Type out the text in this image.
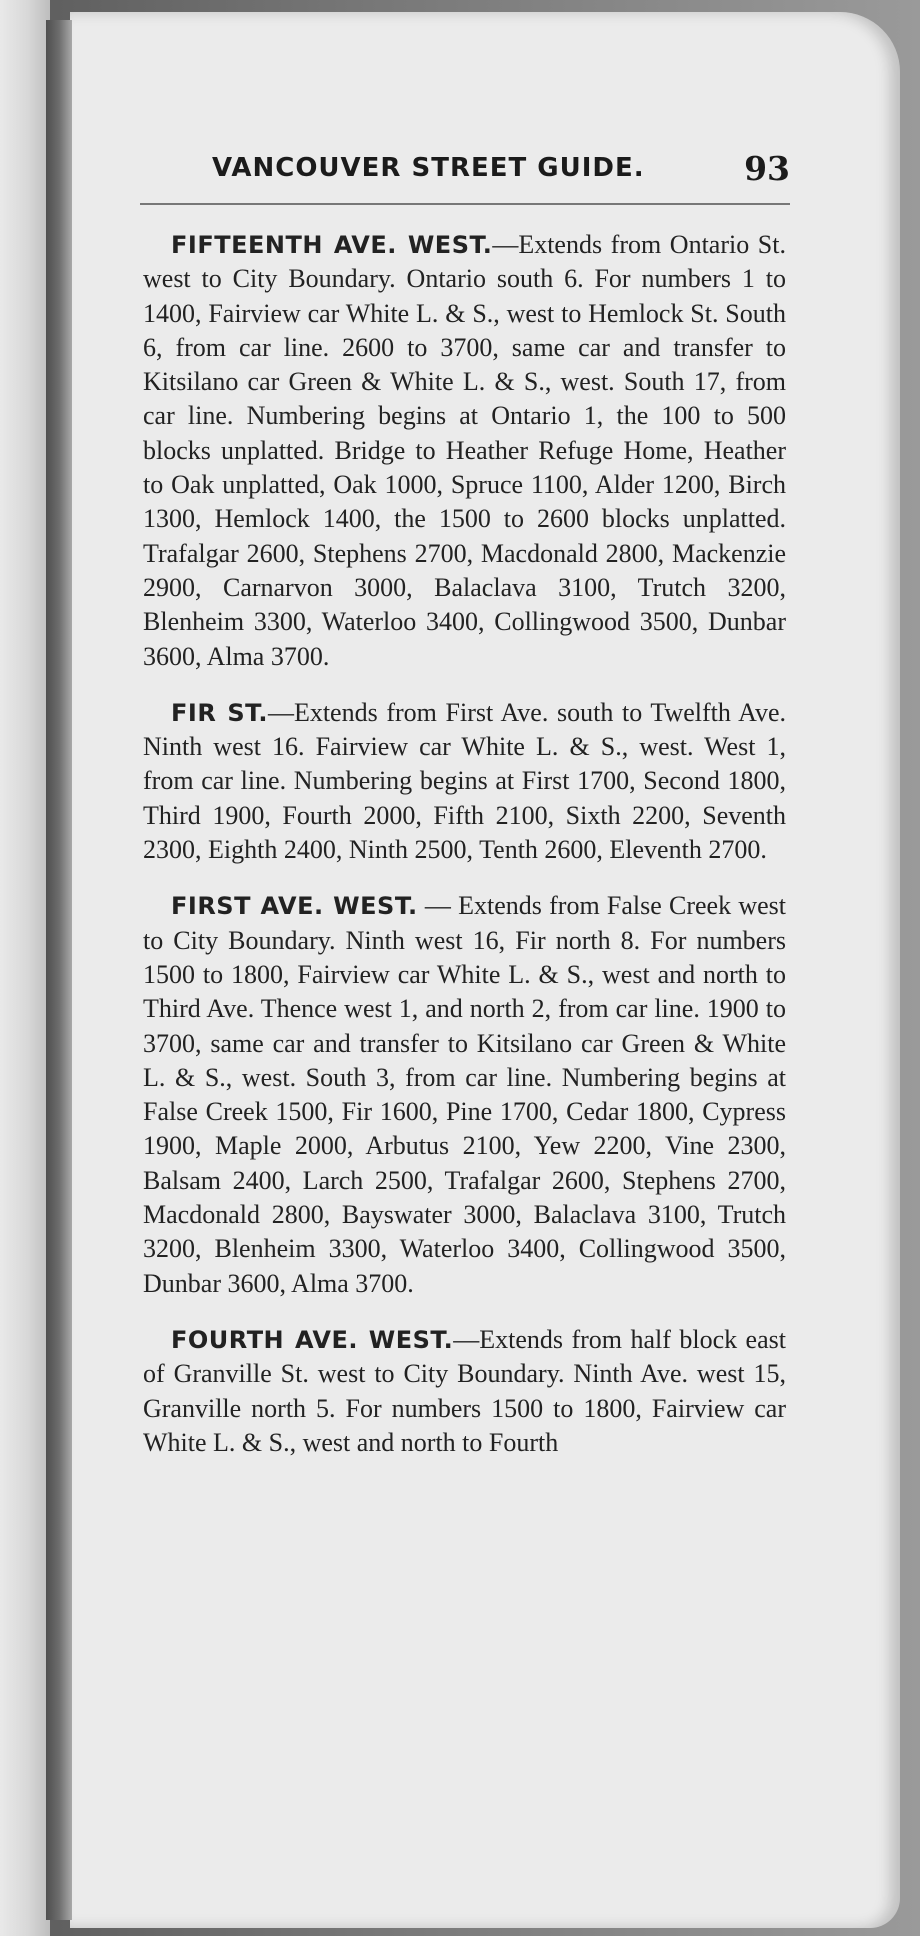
VANCOUVER STREET GUIDE.	93

FIFTEENTH AVE. WEST.—Extends from Ontario St. west to City Boundary. Ontario south 6. For numbers 1 to 1400, Fairview car White L. & S., west to Hemlock St. South 6, from car line. 2600 to 3700, same car and transfer to Kitsilano car Green & White L. & S., west. South 17, from car line. Numbering begins at Ontario 1, the 100 to 500 blocks unplatted. Bridge to Heather Refuge Home, Heather to Oak unplatted, Oak 1000, Spruce 1100, Alder 1200, Birch 1300, Hemlock 1400, the 1500 to 2600 blocks unplatted. Trafalgar 2600, Stephens 2700, Macdonald 2800, Mackenzie 2900, Carnarvon 3000, Balaclava 3100, Trutch 3200, Blenheim 3300, Waterloo 3400, Collingwood 3500, Dunbar 3600, Alma 3700.

FIR ST.—Extends from First Ave. south to Twelfth Ave. Ninth west 16. Fairview car White L. & S., west. West 1, from car line. Numbering begins at First 1700, Second 1800, Third 1900, Fourth 2000, Fifth 2100, Sixth 2200, Seventh 2300, Eighth 2400, Ninth 2500, Tenth 2600, Eleventh 2700.

FIRST AVE. WEST. — Extends from False Creek west to City Boundary. Ninth west 16, Fir north 8. For numbers 1500 to 1800, Fairview car White L. & S., west and north to Third Ave. Thence west 1, and north 2, from car line. 1900 to 3700, same car and transfer to Kitsilano car Green & White L. & S., west. South 3, from car line. Numbering begins at False Creek 1500, Fir 1600, Pine 1700, Cedar 1800, Cypress 1900, Maple 2000, Arbutus 2100, Yew 2200, Vine 2300, Balsam 2400, Larch 2500, Trafalgar 2600, Stephens 2700, Macdonald 2800, Bayswater 3000, Balaclava 3100, Trutch 3200, Blenheim 3300, Waterloo 3400, Collingwood 3500, Dunbar 3600, Alma 3700.

FOURTH AVE. WEST.—Extends from half block east of Granville St. west to City Boundary. Ninth Ave. west 15, Granville north 5. For numbers 1500 to 1800, Fairview car White L. & S., west and north to Fourth
